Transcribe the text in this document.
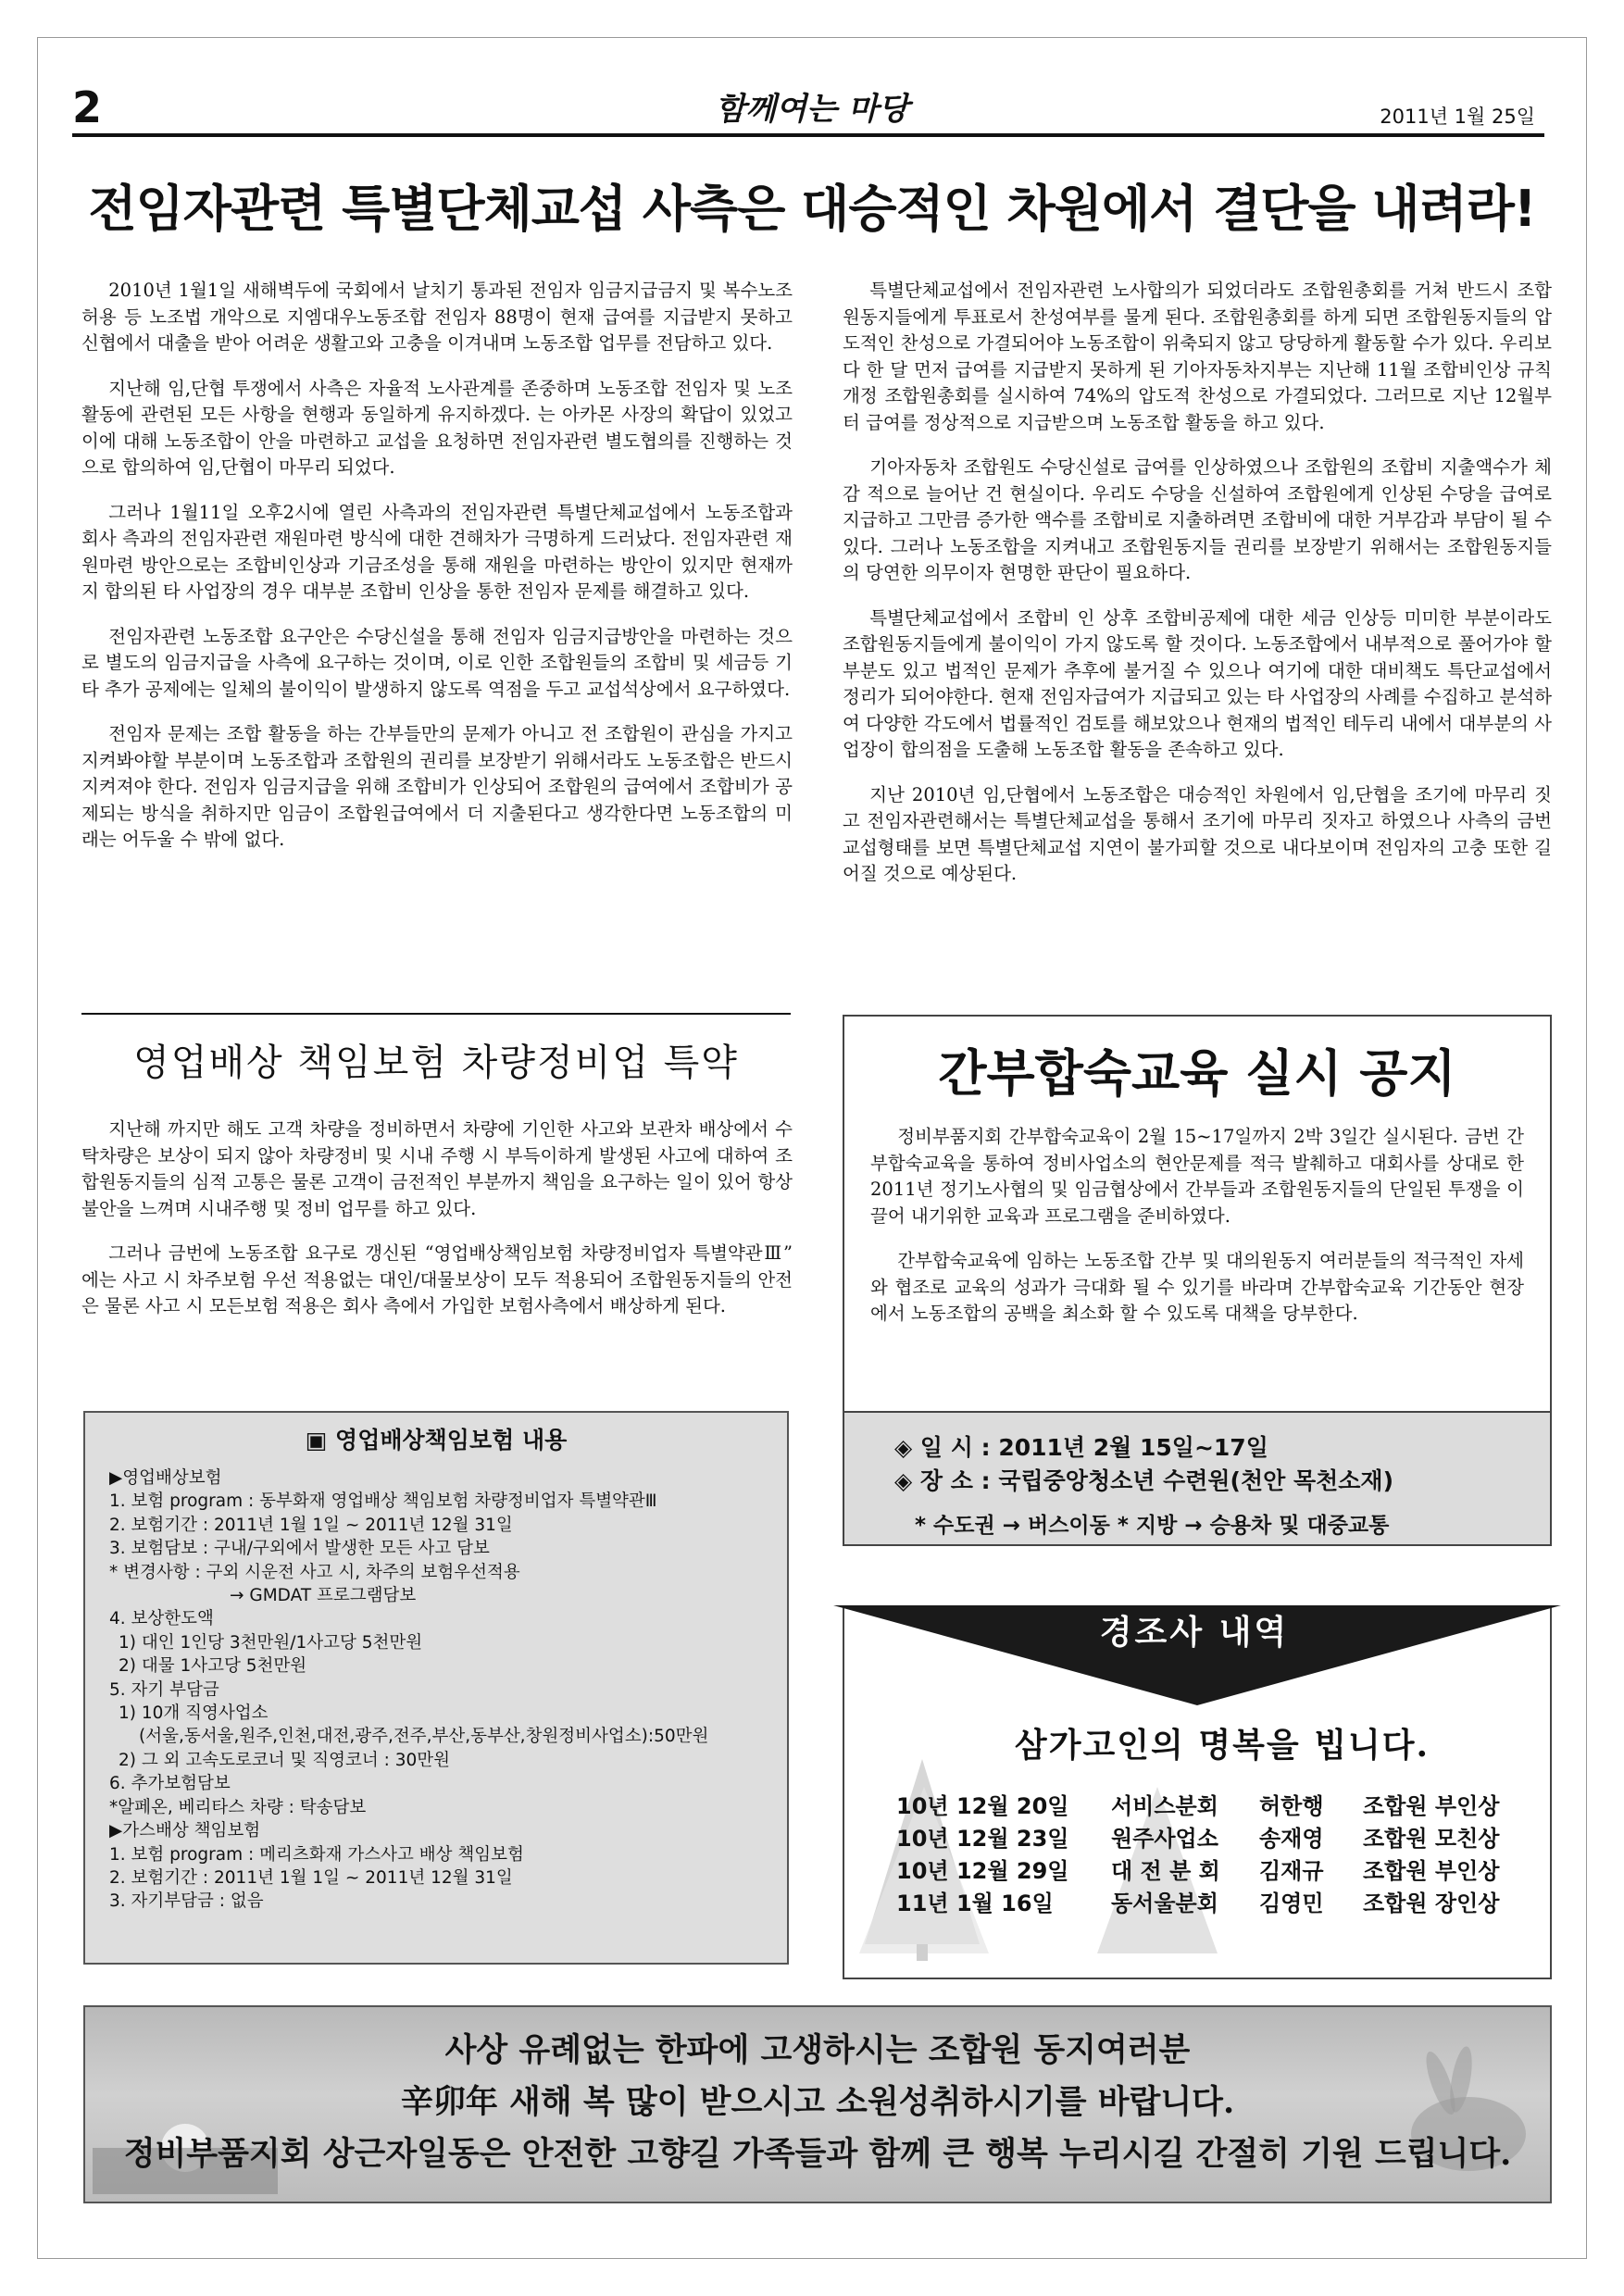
2	함께여는 마당	2011년 1월 25일
전임자관련 특별단체교섭 사측은 대승적인 차원에서 결단을 내려라!

2010년 1월1일 새해벽두에 국회에서 날치기 통과된 전임자 임금지급금지 및 복수노조허용 등 노조법 개악으로 지엠대우노동조합 전임자 88명이 현재 급여를 지급받지 못하고 신협에서 대출을 받아 어려운 생활고와 고충을 이겨내며 노동조합 업무를 전담하고 있다.

지난해 임,단협 투쟁에서 사측은 자율적 노사관계를 존중하며 노동조합 전임자 및 노조활동에 관련된 모든 사항을 현행과 동일하게 유지하겠다. 는 아카몬 사장의 확답이 있었고 이에 대해 노동조합이 안을 마련하고 교섭을 요청하면 전임자관련 별도협의를 진행하는 것으로 합의하여 임,단협이 마무리 되었다.

그러나 1월11일 오후2시에 열린 사측과의 전임자관련 특별단체교섭에서 노동조합과 회사 측과의 전임자관련 재원마련 방식에 대한 견해차가 극명하게 드러났다. 전임자관련 재원마련 방안으로는 조합비인상과 기금조성을 통해 재원을 마련하는 방안이 있지만 현재까지 합의된 타 사업장의 경우 대부분 조합비 인상을 통한 전임자 문제를 해결하고 있다.

전임자관련 노동조합 요구안은 수당신설을 통해 전임자 임금지급방안을 마련하는 것으로 별도의 임금지급을 사측에 요구하는 것이며, 이로 인한 조합원들의 조합비 및 세금등 기타 추가 공제에는 일체의 불이익이 발생하지 않도록 역점을 두고 교섭석상에서 요구하였다.

전임자 문제는 조합 활동을 하는 간부들만의 문제가 아니고 전 조합원이 관심을 가지고 지켜봐야할 부분이며 노동조합과 조합원의 권리를 보장받기 위해서라도 노동조합은 반드시 지켜져야 한다. 전임자 임금지급을 위해 조합비가 인상되어 조합원의 급여에서 조합비가 공제되는 방식을 취하지만 임금이 조합원급여에서 더 지출된다고 생각한다면 노동조합의 미래는 어두울 수 밖에 없다.

특별단체교섭에서 전임자관련 노사합의가 되었더라도 조합원총회를 거쳐 반드시 조합원동지들에게 투표로서 찬성여부를 물게 된다. 조합원총회를 하게 되면 조합원동지들의 압도적인 찬성으로 가결되어야 노동조합이 위축되지 않고 당당하게 활동할 수가 있다. 우리보다 한 달 먼저 급여를 지급받지 못하게 된 기아자동차지부는 지난해 11월 조합비인상 규칙개정 조합원총회를 실시하여 74%의 압도적 찬성으로 가결되었다. 그러므로 지난 12월부터 급여를 정상적으로 지급받으며 노동조합 활동을 하고 있다.

기아자동차 조합원도 수당신설로 급여를 인상하였으나 조합원의 조합비 지출액수가 체감 적으로 늘어난 건 현실이다. 우리도 수당을 신설하여 조합원에게 인상된 수당을 급여로 지급하고 그만큼 증가한 액수를 조합비로 지출하려면 조합비에 대한 거부감과 부담이 될 수 있다. 그러나 노동조합을 지켜내고 조합원동지들 권리를 보장받기 위해서는 조합원동지들의 당연한 의무이자 현명한 판단이 필요하다.

특별단체교섭에서 조합비 인 상후 조합비공제에 대한 세금 인상등 미미한 부분이라도 조합원동지들에게 불이익이 가지 않도록 할 것이다. 노동조합에서 내부적으로 풀어가야 할부분도 있고 법적인 문제가 추후에 불거질 수 있으나 여기에 대한 대비책도 특단교섭에서 정리가 되어야한다. 현재 전임자급여가 지급되고 있는 타 사업장의 사례를 수집하고 분석하여 다양한 각도에서 법률적인 검토를 해보았으나 현재의 법적인 테두리 내에서 대부분의 사업장이 합의점을 도출해 노동조합 활동을 존속하고 있다.

지난 2010년 임,단협에서 노동조합은 대승적인 차원에서 임,단협을 조기에 마무리 짓고 전임자관련해서는 특별단체교섭을 통해서 조기에 마무리 짓자고 하였으나 사측의 금번 교섭형태를 보면 특별단체교섭 지연이 불가피할 것으로 내다보이며 전임자의 고충 또한 길어질 것으로 예상된다.

영업배상 책임보험 차량정비업 특약

지난해 까지만 해도 고객 차량을 정비하면서 차량에 기인한 사고와 보관차 배상에서 수탁차량은 보상이 되지 않아 차량정비 및 시내 주행 시 부득이하게 발생된 사고에 대하여 조합원동지들의 심적 고통은 물론 고객이 금전적인 부분까지 책임을 요구하는 일이 있어 항상 불안을 느껴며 시내주행 및 정비 업무를 하고 있다.

그러나 금번에 노동조합 요구로 갱신된 “영업배상책임보험 차량정비업자 특별약관Ⅲ” 에는 사고 시 차주보험 우선 적용없는 대인/대물보상이 모두 적용되어 조합원동지들의 안전은 물론 사고 시 모든보험 적용은 회사 측에서 가입한 보험사측에서 배상하게 된다.

▣ 영업배상책임보험 내용
▶영업배상보험
1. 보험 program : 동부화재 영업배상 책임보험 차량정비업자 특별약관Ⅲ
2. 보험기간 : 2011년 1월 1일 ~ 2011년 12월 31일
3. 보험담보 : 구내/구외에서 발생한 모든 사고 담보
* 변경사항 : 구외 시운전 사고 시, 차주의 보험우선적용
→ GMDAT 프로그램담보
4. 보상한도액
1) 대인 1인당 3천만원/1사고당 5천만원
2) 대물 1사고당 5천만원
5. 자기 부담금
1) 10개 직영사업소
(서울,동서울,원주,인천,대전,광주,전주,부산,동부산,창원정비사업소):50만원
2) 그 외 고속도로코너 및 직영코너 : 30만원
6. 추가보험담보
*알페온, 베리타스 차량 : 탁송담보
▶가스배상 책임보험
1. 보험 program : 메리츠화재 가스사고 배상 책임보험
2. 보험기간 : 2011년 1월 1일 ~ 2011년 12월 31일
3. 자기부담금 : 없음
간부합숙교육 실시 공지

정비부품지회 간부합숙교육이 2월 15~17일까지 2박 3일간 실시된다. 금번 간부합숙교육을 통하여 정비사업소의 현안문제를 적극 발췌하고 대회사를 상대로 한 2011년 정기노사협의 및 임금협상에서 간부들과 조합원동지들의 단일된 투쟁을 이끌어 내기위한 교육과 프로그램을 준비하였다.

간부합숙교육에 임하는 노동조합 간부 및 대의원동지 여러분들의 적극적인 자세와 협조로 교육의 성과가 극대화 될 수 있기를 바라며 간부합숙교육 기간동안 현장에서 노동조합의 공백을 최소화 할 수 있도록 대책을 당부한다.

◈ 일 시 : 2011년 2월 15일~17일
◈ 장 소 : 국립중앙청소년 수련원(천안 목천소재)
* 수도권 → 버스이동 * 지방 → 승용차 및 대중교통
경조사 내역
삼가고인의 명복을 빕니다.
10년 12월 20일	서비스분회	허한행	조합원 부인상
10년 12월 23일	원주사업소	송재영	조합원 모친상
10년 12월 29일	대 전 분 회	김재규	조합원 부인상
11년 1월 16일	동서울분회	김영민	조합원 장인상
사상 유례없는 한파에 고생하시는 조합원 동지여러분
辛卯年 새해 복 많이 받으시고 소원성취하시기를 바랍니다.
정비부품지회 상근자일동은 안전한 고향길 가족들과 함께 큰 행복 누리시길 간절히 기원 드립니다.
